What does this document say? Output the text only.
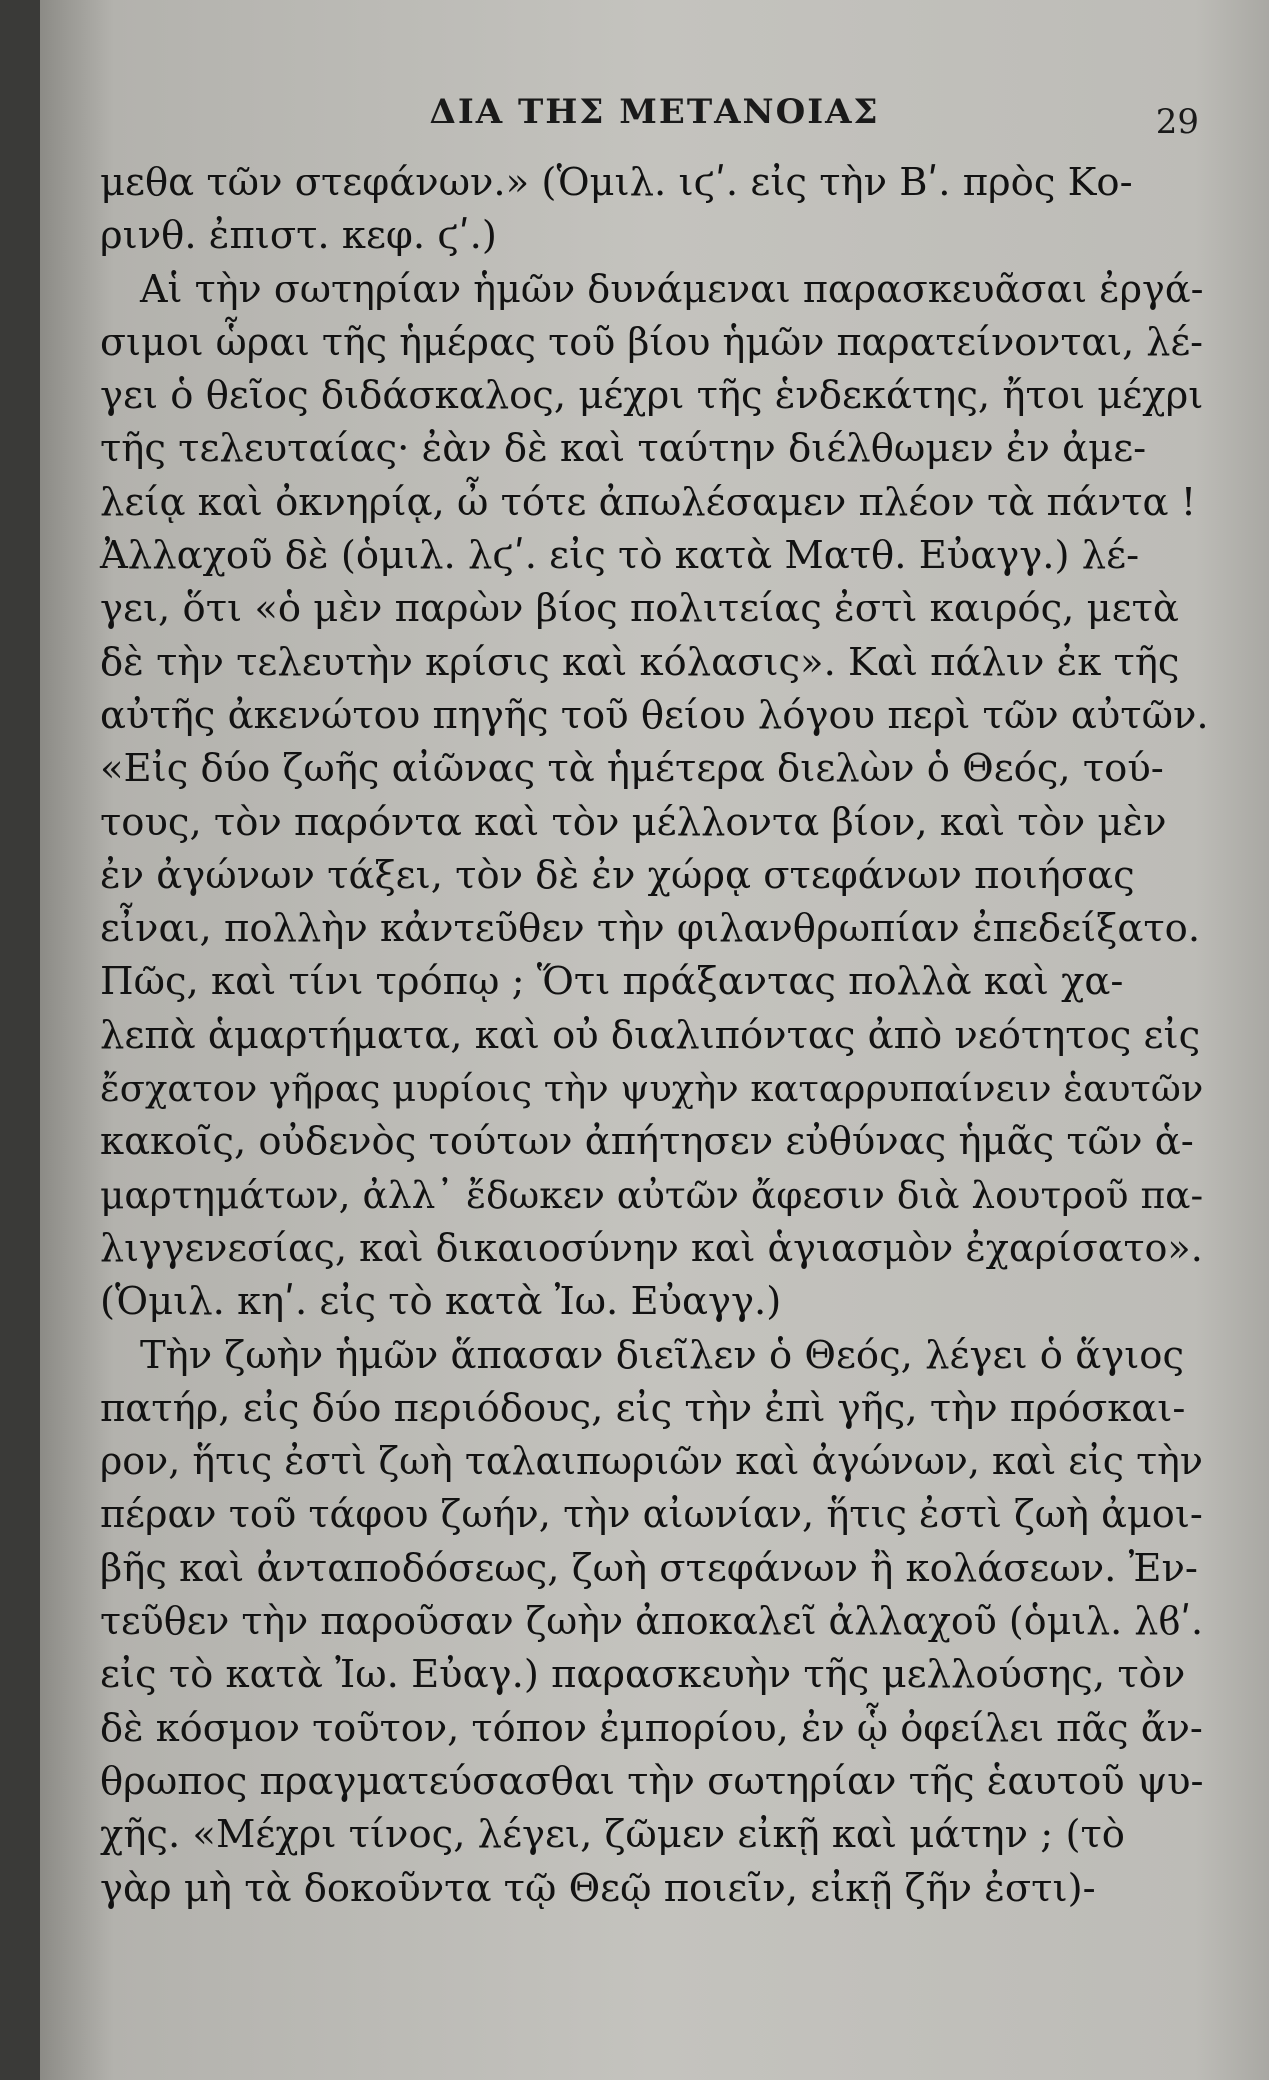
ΔΙΑ ΤΗΣ ΜΕΤΑΝΟΙΑΣ	29
μεθα τῶν στεφάνων.» (Ὁμιλ. ιϛʹ. εἰς τὴν Βʹ. πρὸς Κο-
ρινθ. ἐπιστ. κεφ. ϛʹ.)
Αἱ τὴν σωτηρίαν ἡμῶν δυνάμεναι παρασκευᾶσαι ἐργά-
σιμοι ὧραι τῆς ἡμέρας τοῦ βίου ἡμῶν παρατείνονται, λέ-
γει ὁ θεῖος διδάσκαλος, μέχρι τῆς ἑνδεκάτης, ἤτοι μέχρι
τῆς τελευταίας· ἐὰν δὲ καὶ ταύτην διέλθωμεν ἐν ἀμε-
λείᾳ καὶ ὀκνηρίᾳ, ὦ τότε ἀπωλέσαμεν πλέον τὰ πάντα !
Ἀλλαχοῦ δὲ (ὁμιλ. λϛʹ. εἰς τὸ κατὰ Ματθ. Εὐαγγ.) λέ-
γει, ὅτι «ὁ μὲν παρὼν βίος πολιτείας ἐστὶ καιρός, μετὰ
δὲ τὴν τελευτὴν κρίσις καὶ κόλασις». Καὶ πάλιν ἐκ τῆς
αὐτῆς ἀκενώτου πηγῆς τοῦ θείου λόγου περὶ τῶν αὐτῶν.
«Εἰς δύο ζωῆς αἰῶνας τὰ ἡμέτερα διελὼν ὁ Θεός, τού-
τους, τὸν παρόντα καὶ τὸν μέλλοντα βίον, καὶ τὸν μὲν
ἐν ἀγώνων τάξει, τὸν δὲ ἐν χώρᾳ στεφάνων ποιήσας
εἶναι, πολλὴν κἀντεῦθεν τὴν φιλανθρωπίαν ἐπεδείξατο.
Πῶς, καὶ τίνι τρόπῳ ; Ὅτι πράξαντας πολλὰ καὶ χα-
λεπὰ ἁμαρτήματα, καὶ οὐ διαλιπόντας ἀπὸ νεότητος εἰς
ἔσχατον γῆρας μυρίοις τὴν ψυχὴν καταρρυπαίνειν ἑαυτῶν
κακοῖς, οὐδενὸς τούτων ἀπήτησεν εὐθύνας ἡμᾶς τῶν ἁ-
μαρτημάτων, ἀλλ᾽ ἔδωκεν αὐτῶν ἄφεσιν διὰ λουτροῦ πα-
λιγγενεσίας, καὶ δικαιοσύνην καὶ ἁγιασμὸν ἐχαρίσατο».
(Ὁμιλ. κηʹ. εἰς τὸ κατὰ Ἰω. Εὐαγγ.)
Τὴν ζωὴν ἡμῶν ἅπασαν διεῖλεν ὁ Θεός, λέγει ὁ ἅγιος
πατήρ, εἰς δύο περιόδους, εἰς τὴν ἐπὶ γῆς, τὴν πρόσκαι-
ρον, ἥτις ἐστὶ ζωὴ ταλαιπωριῶν καὶ ἀγώνων, καὶ εἰς τὴν
πέραν τοῦ τάφου ζωήν, τὴν αἰωνίαν, ἥτις ἐστὶ ζωὴ ἀμοι-
βῆς καὶ ἀνταποδόσεως, ζωὴ στεφάνων ἢ κολάσεων. Ἐν-
τεῦθεν τὴν παροῦσαν ζωὴν ἀποκαλεῖ ἀλλαχοῦ (ὁμιλ. λϐʹ.
εἰς τὸ κατὰ Ἰω. Εὐαγ.) παρασκευὴν τῆς μελλούσης, τὸν
δὲ κόσμον τοῦτον, τόπον ἐμπορίου, ἐν ᾧ ὀφείλει πᾶς ἄν-
θρωπος πραγματεύσασθαι τὴν σωτηρίαν τῆς ἑαυτοῦ ψυ-
χῆς. «Μέχρι τίνος, λέγει, ζῶμεν εἰκῇ καὶ μάτην ; (τὸ
γὰρ μὴ τὰ δοκοῦντα τῷ Θεῷ ποιεῖν, εἰκῇ ζῆν ἐστι)-
